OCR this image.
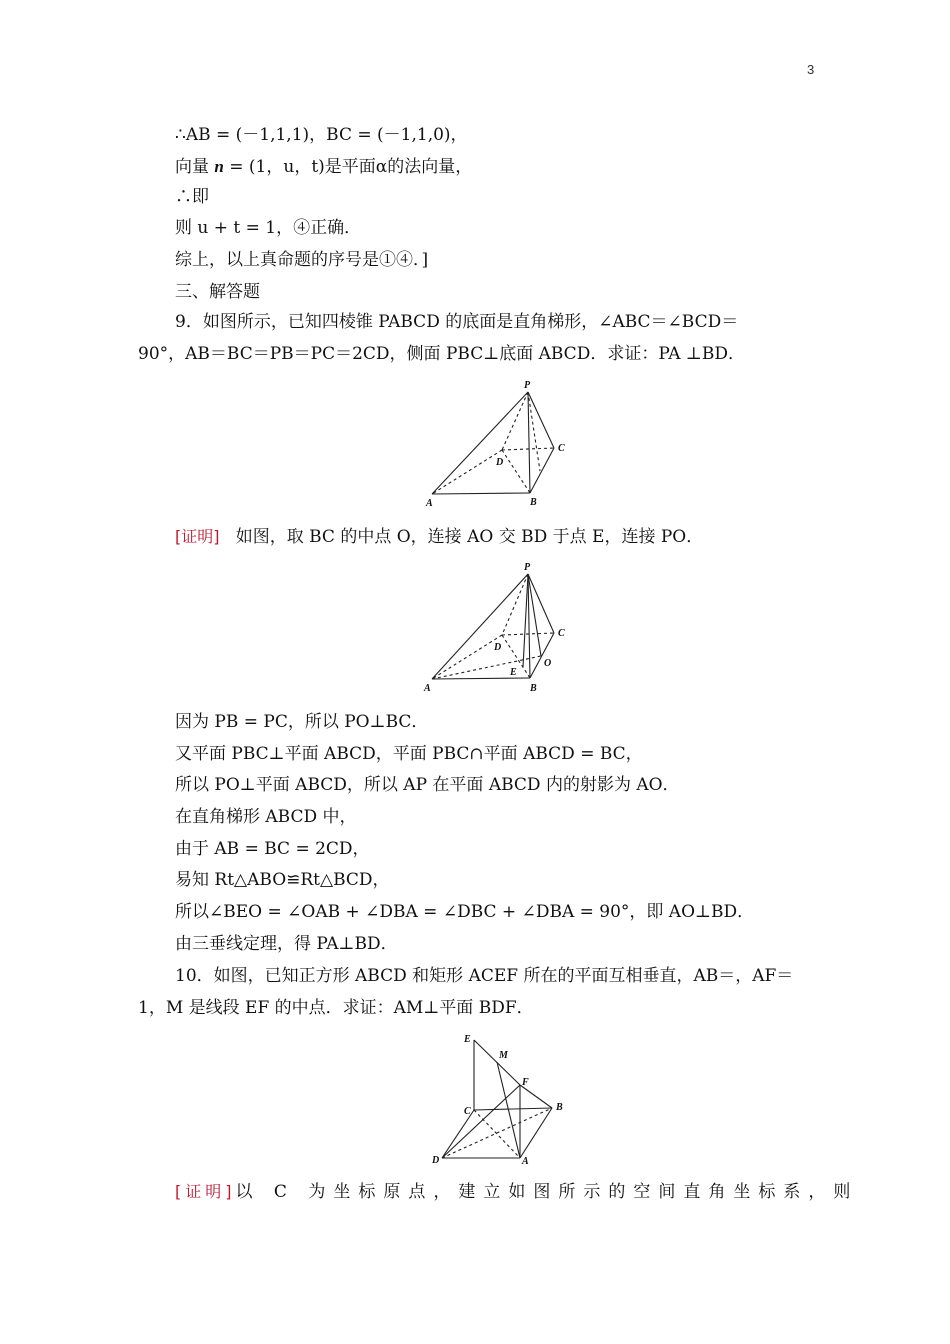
3
∴AB = (－1,1,1)，BC = (－1,1,0)，
向量 n = (1，u，t)是平面α的法向量，
∴即
则 u + t = 1，④正确．
综上，以上真命题的序号是①④．]
三、解答题
9．如图所示，已知四棱锥 PABCD 的底面是直角梯形，∠ABC＝∠BCD＝
90°，AB＝BC＝PB＝PC＝2CD，侧面 PBC⊥底面 ABCD．求证：PA ⊥BD．
P
D
C
A	B
[证明] 如图，取 BC 的中点 O，连接 AO 交 BD 于点 E，连接 PO．
P
D
C
O
A
E
B
因为 PB = PC，所以 PO⊥BC．
又平面 PBC⊥平面 ABCD，平面 PBC∩平面 ABCD = BC，
所以 PO⊥平面 ABCD，所以 AP 在平面 ABCD 内的射影为 AO．
在直角梯形 ABCD 中，
由于 AB = BC = 2CD，
易知 Rt△ABO≌Rt△BCD，
所以∠BEO = ∠OAB + ∠DBA = ∠DBC + ∠DBA = 90°，即 AO⊥BD．
由三垂线定理，得 PA⊥BD．
10．如图，已知正方形 ABCD 和矩形 ACEF 所在的平面互相垂直，AB＝，AF＝
1，M 是线段 EF 的中点．求证：AM⊥平面 BDF．
E
M
F
C	B
D	A
[证明] 以 C 为坐标原点，建立如图所示的空间直角坐标系，则
